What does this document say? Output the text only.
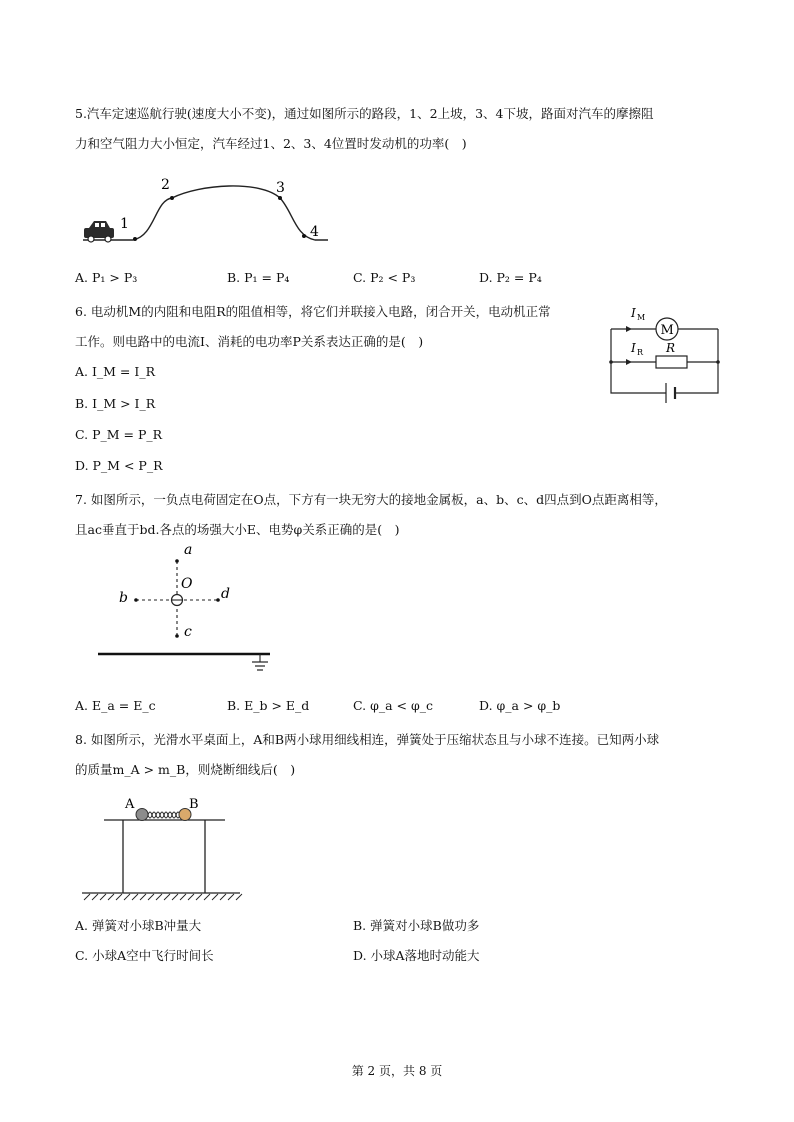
5.汽车定速巡航行驶(速度大小不变)，通过如图所示的路段，1、2上坡，3、4下坡，路面对汽车的摩擦阻
力和空气阻力大小恒定，汽车经过1、2、3、4位置时发动机的功率(　)
1
2	3
4
A. P₁ > P₃	B. P₁ = P₄	C. P₂ < P₃	D. P₂ = P₄
6. 电动机M的内阻和电阻R的阻值相等，将它们并联接入电路，闭合开关，电动机正常
工作。则电路中的电流I、消耗的电功率P关系表达正确的是(　)
A. I_M = I_R
B. I_M > I_R
C. P_M = P_R
D. P_M < P_R
M
I M
R
I R
7. 如图所示，一负点电荷固定在O点，下方有一块无穷大的接地金属板，a、b、c、d四点到O点距离相等，
且ac垂直于bd.各点的场强大小E、电势φ关系正确的是(　)
a
b
c
d
O
A. E_a = E_c	B. E_b > E_d	C. φ_a < φ_c	D. φ_a > φ_b
8. 如图所示，光滑水平桌面上，A和B两小球用细线相连，弹簧处于压缩状态且与小球不连接。已知两小球
的质量m_A > m_B，则烧断细线后(　)
A	B
A. 弹簧对小球B冲量大	B. 弹簧对小球B做功多
C. 小球A空中飞行时间长	D. 小球A落地时动能大
第 2 页，共 8 页
